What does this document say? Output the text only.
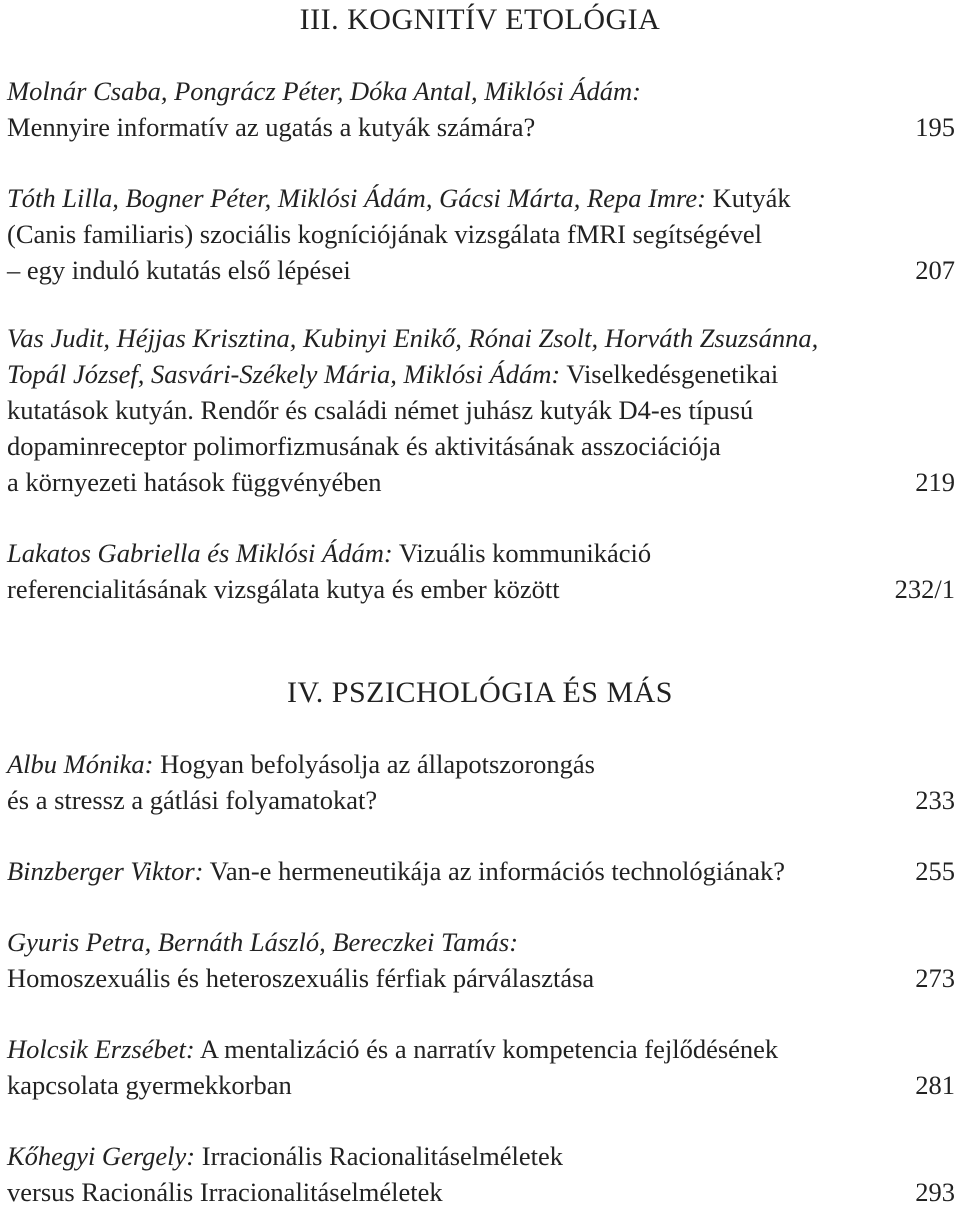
III. KOGNITÍV ETOLÓGIA
Molnár Csaba, Pongrácz Péter, Dóka Antal, Miklósi Ádám:
Mennyire informatív az ugatás a kutyák számára?	195
Tóth Lilla, Bogner Péter, Miklósi Ádám, Gácsi Márta, Repa Imre: Kutyák
(Canis familiaris) szociális kogníciójának vizsgálata fMRI segítségével
– egy induló kutatás első lépései	207
Vas Judit, Héjjas Krisztina, Kubinyi Enikő, Rónai Zsolt, Horváth Zsuzsánna,
Topál József, Sasvári-Székely Mária, Miklósi Ádám: Viselkedésgenetikai
kutatások kutyán. Rendőr és családi német juhász kutyák D4-es típusú
dopaminreceptor polimorfizmusának és aktivitásának asszociációja
a környezeti hatások függvényében	219
Lakatos Gabriella és Miklósi Ádám: Vizuális kommunikáció
referencialitásának vizsgálata kutya és ember között	232/1
IV. PSZICHOLÓGIA ÉS MÁS
Albu Mónika: Hogyan befolyásolja az állapotszorongás
és a stressz a gátlási folyamatokat?	233
Binzberger Viktor: Van-e hermeneutikája az információs technológiának?	255
Gyuris Petra, Bernáth László, Bereczkei Tamás:
Homoszexuális és heteroszexuális férfiak párválasztása	273
Holcsik Erzsébet: A mentalizáció és a narratív kompetencia fejlődésének
kapcsolata gyermekkorban	281
Kőhegyi Gergely: Irracionális Racionalitáselméletek
versus Racionális Irracionalitáselméletek	293
